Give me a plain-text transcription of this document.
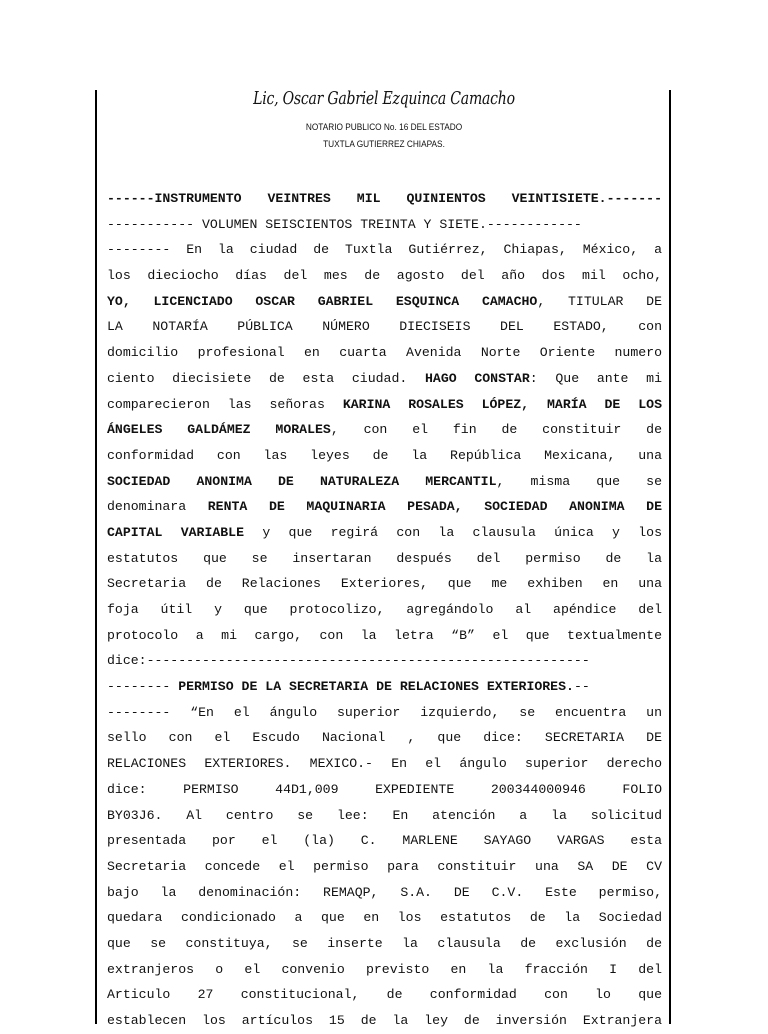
Lic, Oscar Gabriel Ezquinca Camacho
NOTARIO PUBLICO No. 16 DEL ESTADO
TUXTLA GUTIERREZ CHIAPAS.
------INSTRUMENTO VEINTRES MIL QUINIENTOS VEINTISIETE.-------
----------- VOLUMEN SEISCIENTOS TREINTA Y SIETE.------------
-------- En la ciudad de Tuxtla Gutiérrez, Chiapas, México, a
los dieciocho días del mes de agosto del año dos mil ocho,
YO, LICENCIADO OSCAR GABRIEL ESQUINCA CAMACHO, TITULAR DE
LA NOTARÍA PÚBLICA NÚMERO DIECISEIS DEL ESTADO, con
domicilio profesional en cuarta Avenida Norte Oriente numero
ciento diecisiete de esta ciudad. HAGO CONSTAR: Que ante mi
comparecieron las señoras KARINA ROSALES LÓPEZ, MARÍA DE LOS
ÁNGELES GALDÁMEZ MORALES, con el fin de constituir de
conformidad con las leyes de la República Mexicana, una
SOCIEDAD ANONIMA DE NATURALEZA MERCANTIL, misma que se
denominara RENTA DE MAQUINARIA PESADA, SOCIEDAD ANONIMA DE
CAPITAL VARIABLE y que regirá con la clausula única y los
estatutos que se insertaran después del permiso de la
Secretaria de Relaciones Exteriores, que me exhiben en una
foja útil y que protocolizo, agregándolo al apéndice del
protocolo a mi cargo, con la letra “B” el que textualmente
dice:--------------------------------------------------------
-------- PERMISO DE LA SECRETARIA DE RELACIONES EXTERIORES.--
-------- “En el ángulo superior izquierdo, se encuentra un
sello con el Escudo Nacional , que dice: SECRETARIA DE
RELACIONES EXTERIORES. MEXICO.- En el ángulo superior derecho
dice: PERMISO 44D1,009 EXPEDIENTE 200344000946 FOLIO
BY03J6. Al centro se lee: En atención a la solicitud
presentada por el (la) C. MARLENE SAYAGO VARGAS esta
Secretaria concede el permiso para constituir una SA DE CV
bajo la denominación: REMAQP, S.A. DE C.V. Este permiso,
quedara condicionado a que en los estatutos de la Sociedad
que se constituya, se inserte la clausula de exclusión de
extranjeros o el convenio previsto en la fracción I del
Articulo 27 constitucional, de conformidad con lo que
establecen los artículos 15 de la ley de inversión Extranjera
